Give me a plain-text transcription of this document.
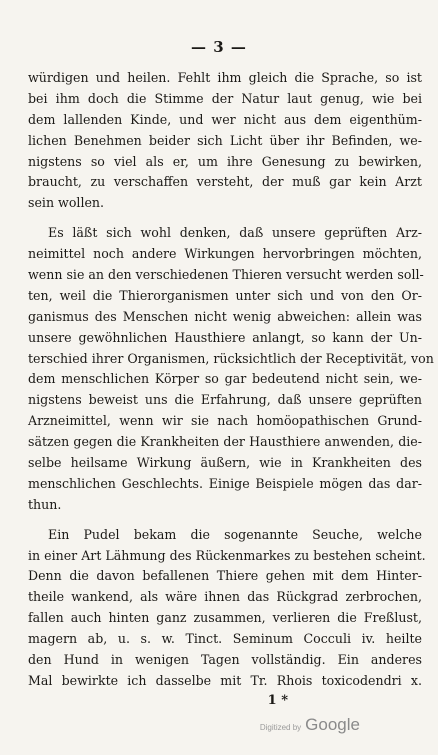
— 3 —
würdigen und heilen. Fehlt ihm gleich die Sprache, so ist
bei ihm doch die Stimme der Natur laut genug, wie bei
dem lallenden Kinde, und wer nicht aus dem eigenthüm-
lichen Benehmen beider sich Licht über ihr Befinden, we-
nigstens so viel als er, um ihre Genesung zu bewirken,
braucht, zu verschaffen versteht, der muß gar kein Arzt
sein wollen.
Es läßt sich wohl denken, daß unsere geprüften Arz-
neimittel noch andere Wirkungen hervorbringen möchten,
wenn sie an den verschiedenen Thieren versucht werden soll-
ten, weil die Thierorganismen unter sich und von den Or-
ganismus des Menschen nicht wenig abweichen: allein was
unsere gewöhnlichen Hausthiere anlangt, so kann der Un-
terschied ihrer Organismen, rücksichtlich der Receptivität, von
dem menschlichen Körper so gar bedeutend nicht sein, we-
nigstens beweist uns die Erfahrung, daß unsere geprüften
Arzneimittel, wenn wir sie nach homöopathischen Grund-
sätzen gegen die Krankheiten der Hausthiere anwenden, die-
selbe heilsame Wirkung äußern, wie in Krankheiten des
menschlichen Geschlechts. Einige Beispiele mögen das dar-
thun.
Ein Pudel bekam die sogenannte Seuche, welche
in einer Art Lähmung des Rückenmarkes zu bestehen scheint.
Denn die davon befallenen Thiere gehen mit dem Hinter-
theile wankend, als wäre ihnen das Rückgrad zerbrochen,
fallen auch hinten ganz zusammen, verlieren die Freßlust,
magern ab, u. s. w. Tinct. Seminum Cocculi iv. heilte
den Hund in wenigen Tagen vollständig. Ein anderes
Mal bewirkte ich dasselbe mit Tr. Rhois toxicodendri x.
1 *
Digitized by Google
